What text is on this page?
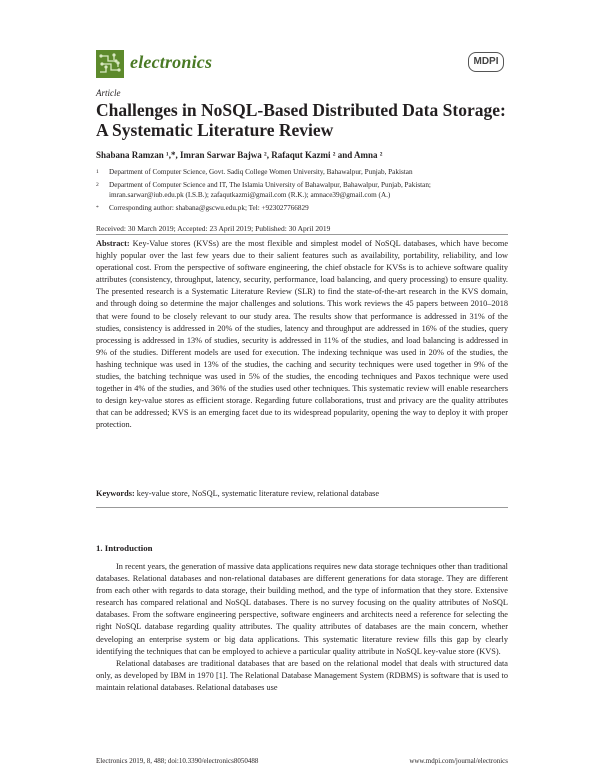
electronics	MDPI
Article
Challenges in NoSQL-Based Distributed Data Storage: A Systematic Literature Review
Shabana Ramzan ¹,*, Imran Sarwar Bajwa ², Rafaqut Kazmi ² and Amna ²
1	Department of Computer Science, Govt. Sadiq College Women University, Bahawalpur, Punjab, Pakistan
2	Department of Computer Science and IT, The Islamia University of Bahawalpur, Bahawalpur, Punjab, Pakistan; imran.sarwar@iub.edu.pk (I.S.B.); zafaqutkazmi@gmail.com (R.K.); amnace39@gmail.com (A.)
*	Corresponding author: shabana@gscwu.edu.pk; Tel: +923027766829
Received: 30 March 2019; Accepted: 23 April 2019; Published: 30 April 2019
Abstract: Key-Value stores (KVSs) are the most flexible and simplest model of NoSQL databases, which have become highly popular over the last few years due to their salient features such as availability, portability, reliability, and low operational cost. From the perspective of software engineering, the chief obstacle for KVSs is to achieve software quality attributes (consistency, throughput, latency, security, performance, load balancing, and query processing) to ensure quality. The presented research is a Systematic Literature Review (SLR) to find the state-of-the-art research in the KVS domain, and through doing so determine the major challenges and solutions. This work reviews the 45 papers between 2010–2018 that were found to be closely relevant to our study area. The results show that performance is addressed in 31% of the studies, consistency is addressed in 20% of the studies, latency and throughput are addressed in 16% of the studies, query processing is addressed in 13% of studies, security is addressed in 11% of the studies, and load balancing is addressed in 9% of the studies. Different models are used for execution. The indexing technique was used in 20% of the studies, the hashing technique was used in 13% of the studies, the caching and security techniques were used together in 9% of the studies, the batching technique was used in 5% of the studies, the encoding techniques and Paxos technique were used together in 4% of the studies, and 36% of the studies used other techniques. This systematic review will enable researchers to design key-value stores as efficient storage. Regarding future collaborations, trust and privacy are the quality attributes that can be addressed; KVS is an emerging facet due to its widespread popularity, opening the way to deploy it with proper protection.
Keywords: key-value store, NoSQL, systematic literature review, relational database
1. Introduction

In recent years, the generation of massive data applications requires new data storage techniques other than traditional databases. Relational databases and non-relational databases are different generations for data storage. They are different from each other with regards to data storage, their building method, and the type of information that they store. Extensive research has compared relational and NoSQL databases. There is no survey focusing on the quality attributes of NoSQL databases. From the software engineering perspective, software engineers and architects need a reference for selecting the right NoSQL database regarding quality attributes. The quality attributes of databases are the main concern, whether developing an enterprise system or big data applications. This systematic literature review fills this gap by clearly identifying the techniques that can be employed to achieve a particular quality attribute in NoSQL key-value store (KVS).

Relational databases are traditional databases that are based on the relational model that deals with structured data only, as developed by IBM in 1970 [1]. The Relational Database Management System (RDBMS) is software that is used to maintain relational databases. Relational databases use

Electronics 2019, 8, 488; doi:10.3390/electronics8050488	www.mdpi.com/journal/electronics
